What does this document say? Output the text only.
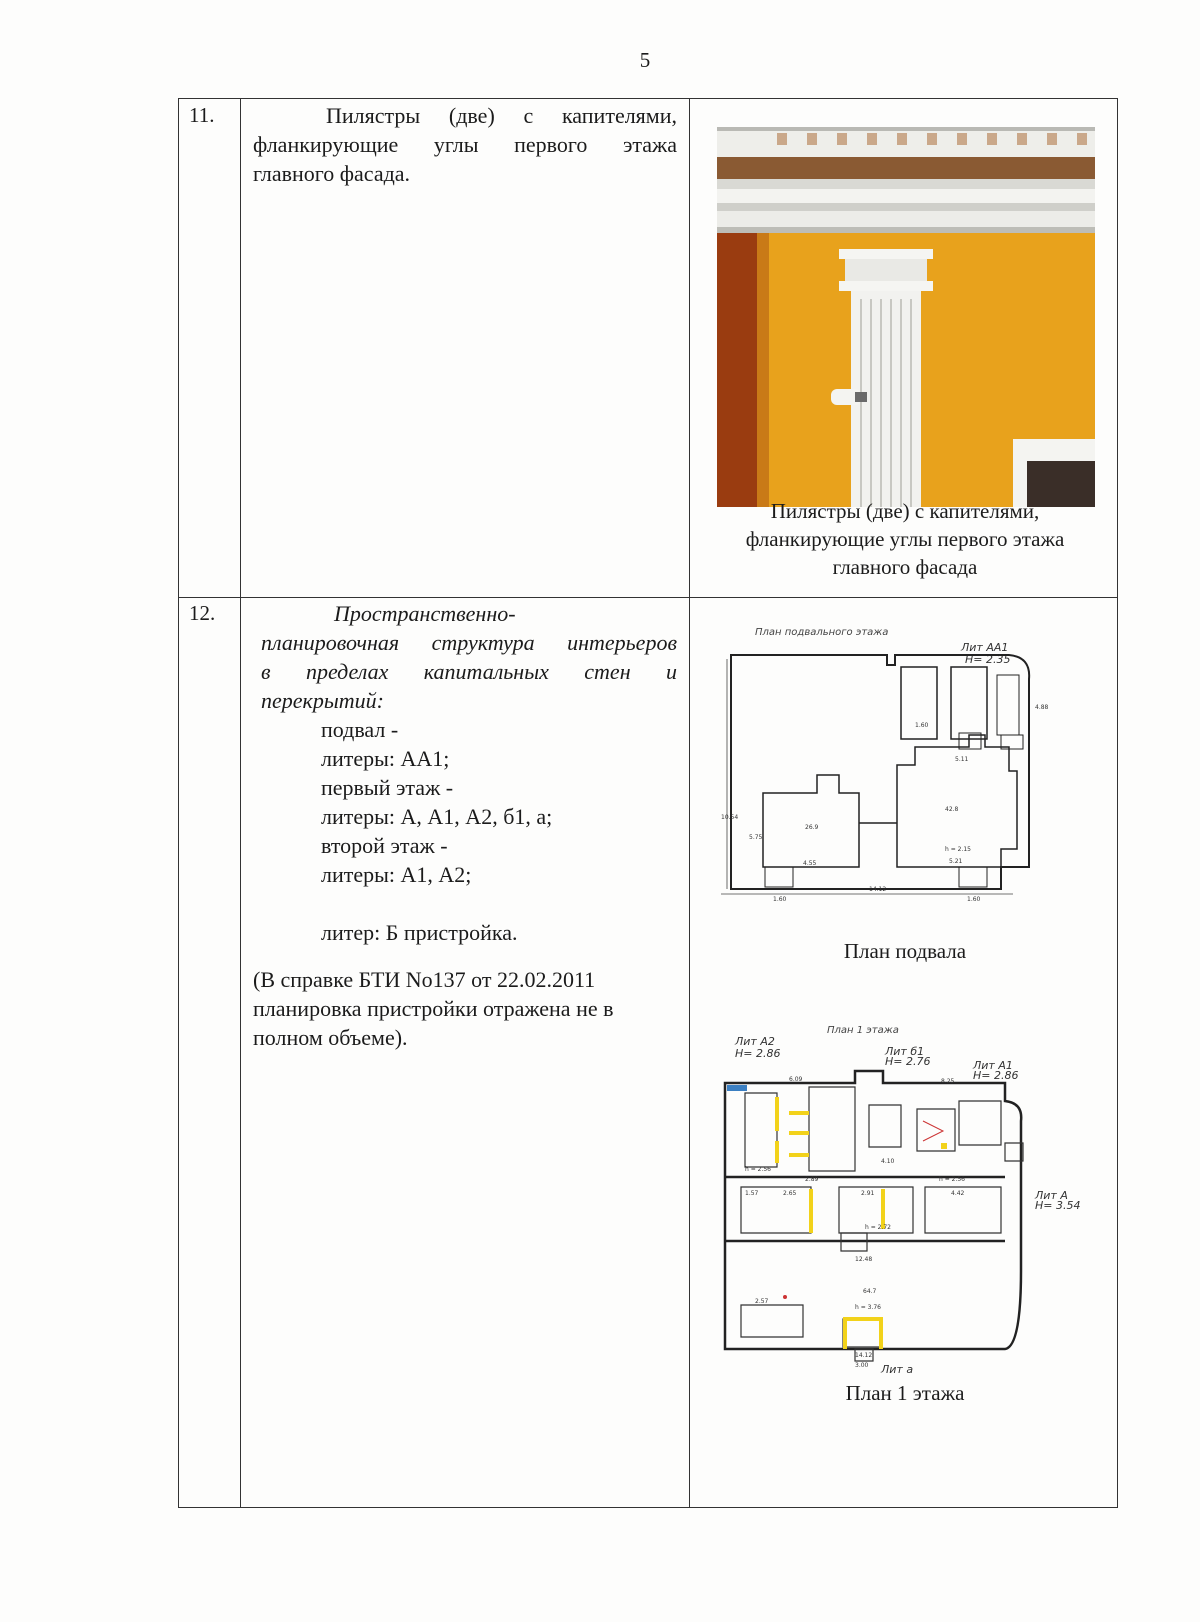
5
11.	Пилястры (две) с капителями,
фланкирующие углы первого этажа
главного фасада.
Пилястры (две) с капителями,
фланкирующие углы первого этажа
главного фасада
12.	Пространственно-
планировочная структура интерьеров
в пределах капитальных стен и
перекрытий:
подвал -
литеры: АА1;
первый этаж -
литеры: А, А1, А2, б1, а;
второй этаж -
литеры: А1, А2;
литер: Б пристройка.
(В справке БТИ No137 от 22.02.2011
планировка пристройки отражена не в
полном объеме).
План подвального этажа
Лит АА1
H= 2.35
1.60
5.11
42.8
26.9
4.55
14.12
5.21
h = 2.15
1.60	1.60
4.88
10.54
5.75
План подвала
План 1 этажа
Лит А2
H= 2.86	Лит б1
H= 2.76	Лит А1
H= 2.86
Лит А
H= 3.54
Лит а
6.09	8.25
h = 2.56
2.89
4.10
h = 2.56
1.57	2.65	2.91	4.42
h = 2.72
12.48
64.7
h = 3.76
2.57
14.12
3.00
План 1 этажа
